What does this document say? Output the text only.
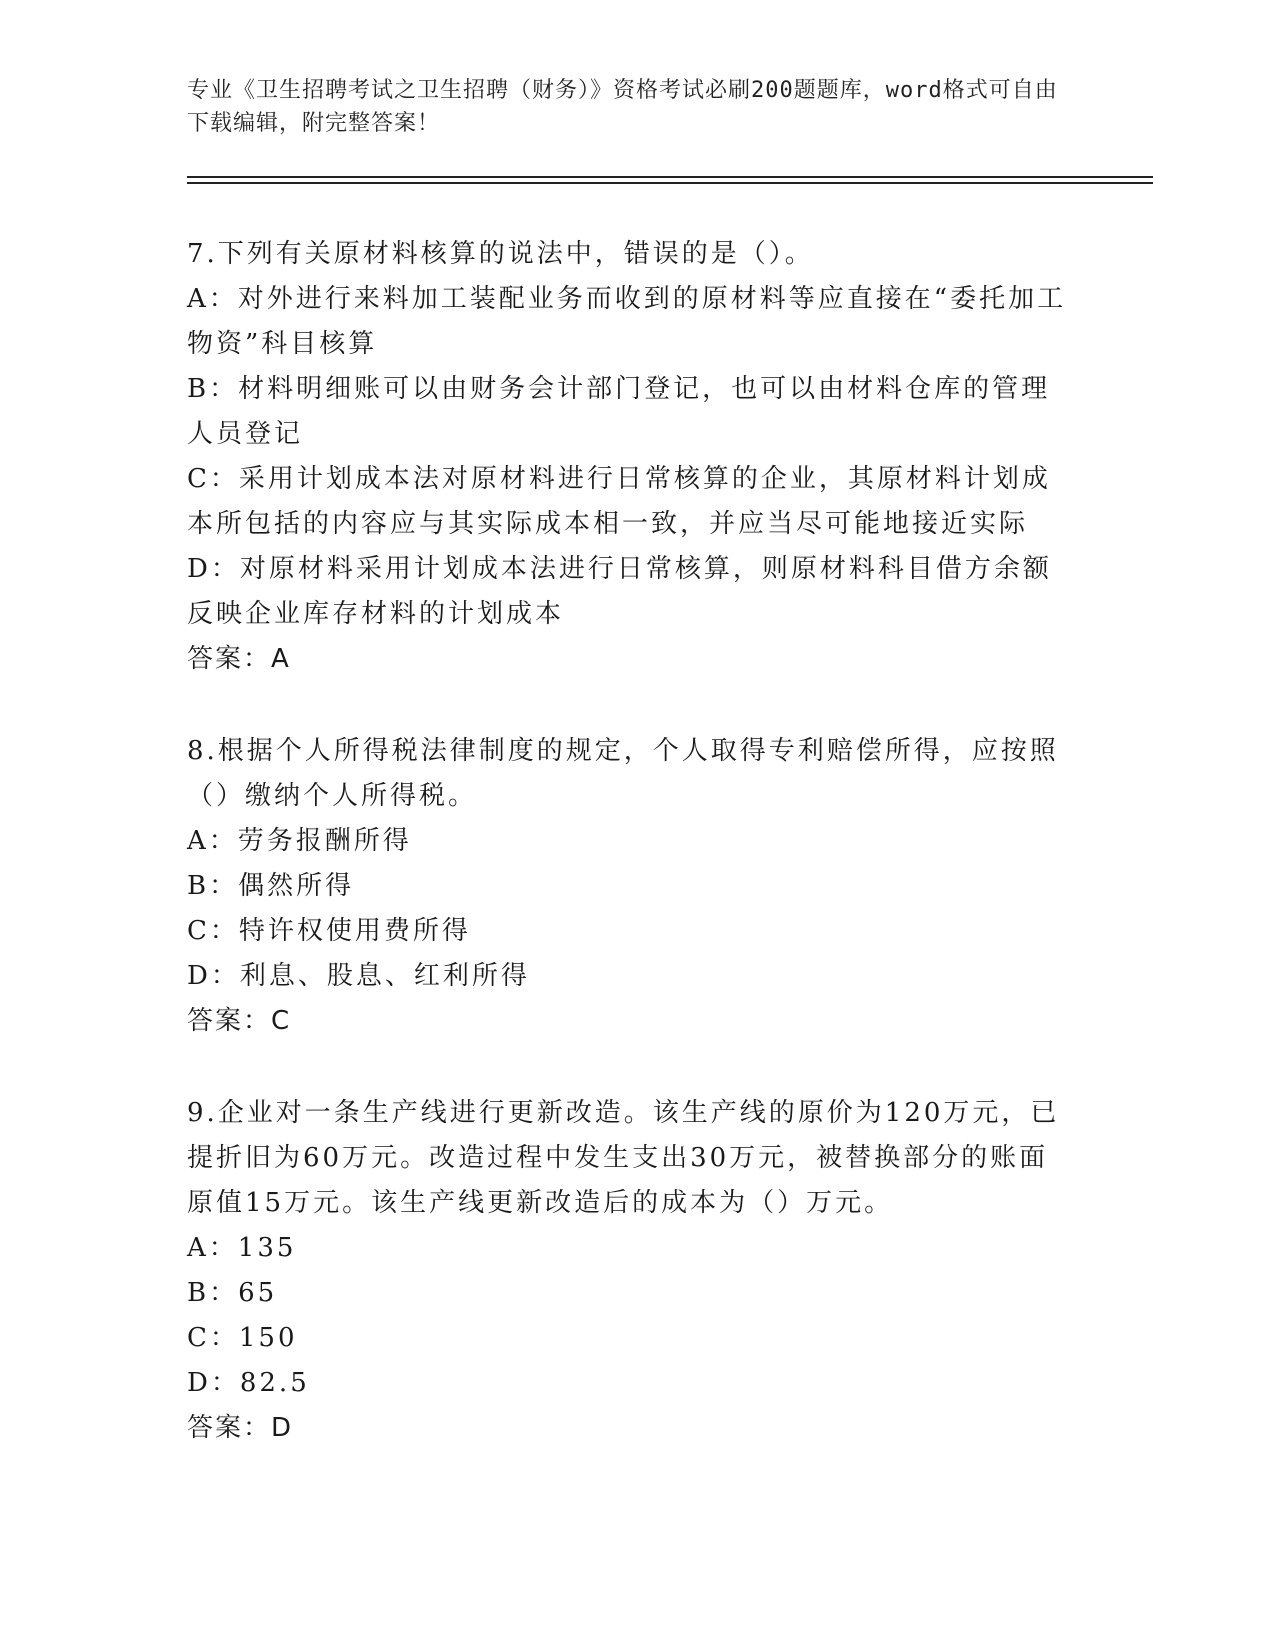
专业《卫生招聘考试之卫生招聘（财务）》资格考试必刷200题题库，word格式可自由下载编辑，附完整答案！
7.下列有关原材料核算的说法中，错误的是（）。
A：对外进行来料加工装配业务而收到的原材料等应直接在“委托加工物资”科目核算
B：材料明细账可以由财务会计部门登记，也可以由材料仓库的管理人员登记
C：采用计划成本法对原材料进行日常核算的企业，其原材料计划成本所包括的内容应与其实际成本相一致，并应当尽可能地接近实际
D：对原材料采用计划成本法进行日常核算，则原材料科目借方余额反映企业库存材料的计划成本
答案：A
8.根据个人所得税法律制度的规定，个人取得专利赔偿所得，应按照（）缴纳个人所得税。
A：劳务报酬所得
B：偶然所得
C：特许权使用费所得
D：利息、股息、红利所得
答案：C
9.企业对一条生产线进行更新改造。该生产线的原价为120万元，已提折旧为60万元。改造过程中发生支出30万元，被替换部分的账面原值15万元。该生产线更新改造后的成本为（）万元。
A：135
B：65
C：150
D：82.5
答案：D
